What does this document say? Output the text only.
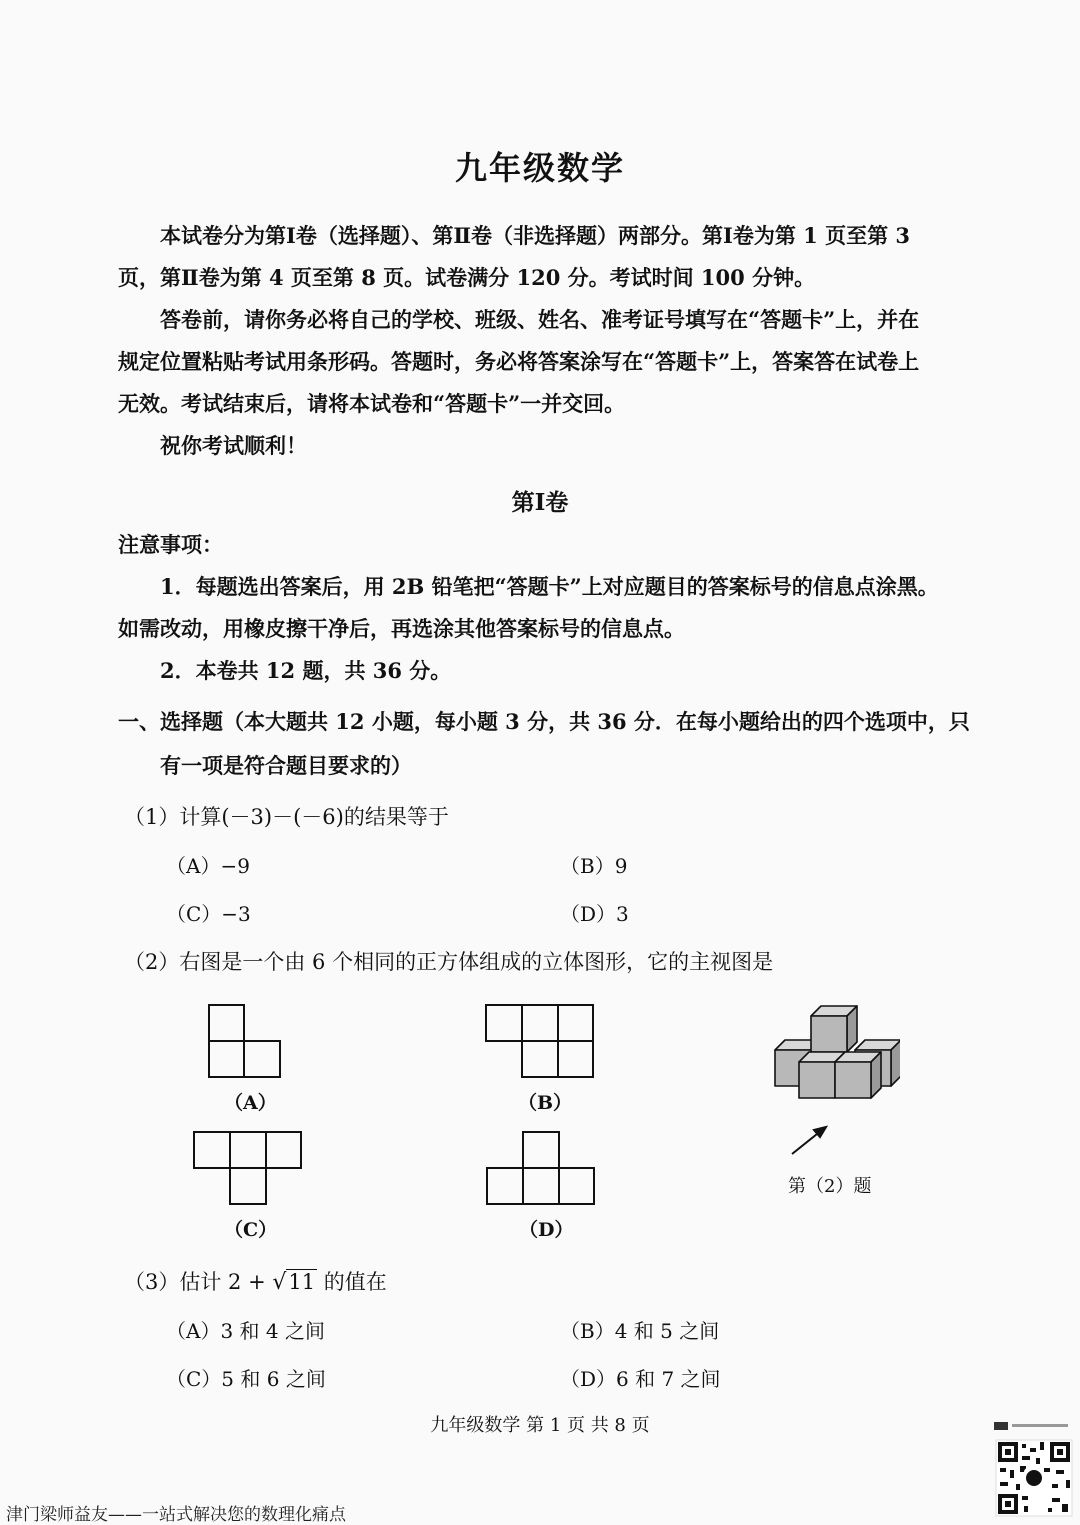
九年级数学
本试卷分为第Ⅰ卷（选择题）、第Ⅱ卷（非选择题）两部分。第Ⅰ卷为第 1 页至第 3
页，第Ⅱ卷为第 4 页至第 8 页。试卷满分 120 分。考试时间 100 分钟。
答卷前，请你务必将自己的学校、班级、姓名、准考证号填写在“答题卡”上，并在
规定位置粘贴考试用条形码。答题时，务必将答案涂写在“答题卡”上，答案答在试卷上
无效。考试结束后，请将本试卷和“答题卡”一并交回。
祝你考试顺利！
第Ⅰ卷
注意事项：
1．每题选出答案后，用 2B 铅笔把“答题卡”上对应题目的答案标号的信息点涂黑。
如需改动，用橡皮擦干净后，再选涂其他答案标号的信息点。
2．本卷共 12 题，共 36 分。
一、选择题（本大题共 12 小题，每小题 3 分，共 36 分．在每小题给出的四个选项中，只
有一项是符合题目要求的）
（1）计算(－3)－(－6)的结果等于
（A）−9	（B）9
（C）−3	（D）3
（2）右图是一个由 6 个相同的正方体组成的立体图形，它的主视图是
（A）	（B）
（C）	（D）
第（2）题
（3）估计 2 + √11 的值在
（A）3 和 4 之间	（B）4 和 5 之间
（C）5 和 6 之间	（D）6 和 7 之间
九年级数学 第 1 页 共 8 页
津门梁师益友——一站式解决您的数理化痛点
